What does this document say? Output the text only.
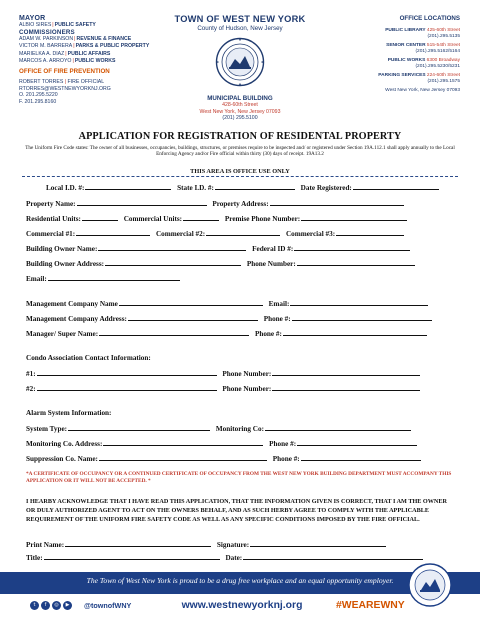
MAYOR
ALBIO SIRES|PUBLIC SAFETY
COMMISSIONERS
ADAM W. PARKINSON|REVENUE & FINANCE
VICTOR M. BARRERA|PARKS & PUBLIC PROPERTY
MARIELKA A. DIAZ|PUBLIC AFFAIRS
MARCOS A. ARROYO|PUBLIC WORKS
OFFICE OF FIRE PREVENTION
ROBERT TORRES | FIRE OFFICIAL
RTORRES@WESTNEWYORKNJ.ORG
O. 201.295.5220
F. 201.295.8160
TOWN OF WEST NEW YORK
County of Hudson, New Jersey
MUNICIPAL BUILDING
428-60th Street
West New York, New Jersey 07093
(201) 295.5100
OFFICE LOCATIONS
PUBLIC LIBRARY 425-60th Street
(201).295.5135
SENIOR CENTER 515-54th Street
(201).295.5162/5164
PUBLIC WORKS 6300 Broadway
(201).295.5230/5231
PARKING SERVICES 224-60th Street
(201).295.1575
West New York, New Jersey 07093
APPLICATION FOR REGISTRATION OF RESIDENTAL PROPERTY
The Uniform Fire Code states: The owner of all businesses, occupancies, buildings, structures, or premises require to be inspected and/ or registered under Section 19A.112.1 shall apply annually to the Local Enforcing Agency and/or Fire official within thirty (30) days of receipt. 19A13.2
THIS AREA IS OFFICE USE ONLY
Local I.D. #:	State I.D. #:	Date Registered:
Property Name:	Property Address:
Residential Units:	Commercial Units:	Premise Phone Number:
Commercial #1:	Commercial #2:	Commercial #3:
Building Owner Name:	Federal ID #:
Building Owner Address:	Phone Number:
Email:
Management Company Name	Email:
Management Company Address:	Phone #:
Manager/ Super Name:	Phone #:
Condo Association Contact Information:
#1:	Phone Number:
#2:	Phone Number:
Alarm System Information:
System Type:	Monitoring Co:
Monitoring Co. Address:	Phone #:
Suppression Co. Name:	Phone #:
*A CERTIFICATE OF OCCUPANCY OR A CONTINUED CERTIFICATE OF OCCUPANCY FROM THE WEST NEW YORK BUILDING DEPARTMENT MUST ACCOMPANY THIS APPLICATION OR IT WILL NOT BE ACCEPTED. *
I HEARBY ACKNOWLEDGE THAT I HAVE READ THIS APPLICATION, THAT THE INFORMATION GIVEN IS CORRECT, THAT I AM THE OWNER OR DULY AUTHORIZED AGENT TO ACT ON THE OWNERS BEHALF, AND AS SUCH HERBY AGREE TO COMPLY WITH THE APPLICABLE REQUIREMENT OF THE UNIFORM FIRE SAFETY CODE AS WELL AS ANY SPECIFIC CONDITIONS IMPOSED BY THE FIRE OFFICIAL.
Print Name:	Signature:
Title:	Date:
The Town of West New York is proud to be a drug free workplace and an equal opportunity employer.
t	f	◎	▶	@townofWNY	www.westnewyorknj.org	#WEAREWNY
